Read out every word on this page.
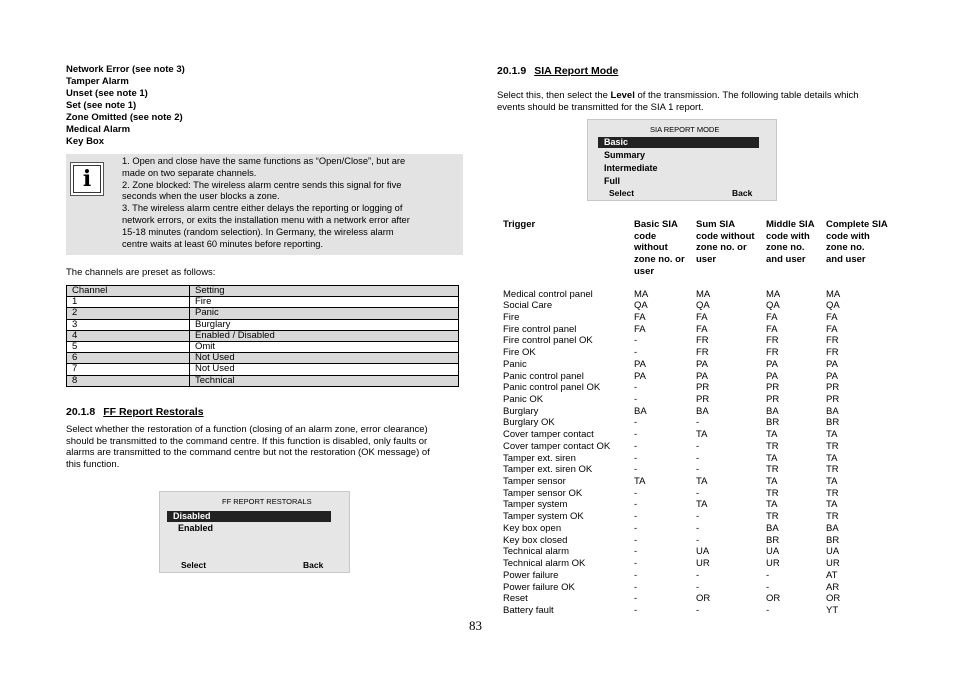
Network Error (see note 3)
Tamper Alarm
Unset (see note 1)
Set (see note 1)
Zone Omitted (see note 2)
Medical Alarm
Key Box
i
1. Open and close have the same functions as “Open/Close”, but are
made on two separate channels.
2. Zone blocked: The wireless alarm centre sends this signal for five
seconds when the user blocks a zone.
3. The wireless alarm centre either delays the reporting or logging of
network errors, or exits the installation menu with a network error after
15-18 minutes (random selection). In Germany, the wireless alarm
centre waits at least 60 minutes before reporting.
The channels are preset as follows:
Channel	Setting
1	Fire
2	Panic
3	Burglary
4	Enabled / Disabled
5	Omit
6	Not Used
7	Not Used
8	Technical
20.1.8 FF Report Restorals
Select whether the restoration of a function (closing of an alarm zone, error clearance)
should be transmitted to the command centre. If this function is disabled, only faults or
alarms are transmitted to the command centre but not the restoration (OK message) of
this function.
FF REPORT RESTORALS
Disabled
Enabled
Select	Back
20.1.9 SIA Report Mode
Select this, then select the Level of the transmission. The following table details which
events should be transmitted for the SIA 1 report.
SIA REPORT MODE
Basic
Summary
Intermediate
Full
Select	Back
Trigger	Basic SIA
code
without
zone no. or
user
Sum SIA
code without
zone no. or
user
Middle SIA
code with
zone no.
and user
Complete SIA
code with
zone no.
and user
Medical control panel	MA	MA	MA	MA
Social Care	QA	QA	QA	QA
Fire	FA	FA	FA	FA
Fire control panel	FA	FA	FA	FA
Fire control panel OK	-	FR	FR	FR
Fire OK	-	FR	FR	FR
Panic	PA	PA	PA	PA
Panic control panel	PA	PA	PA	PA
Panic control panel OK	-	PR	PR	PR
Panic OK	-	PR	PR	PR
Burglary	BA	BA	BA	BA
Burglary OK	-	-	BR	BR
Cover tamper contact	-	TA	TA	TA
Cover tamper contact OK	-	-	TR	TR
Tamper ext. siren	-	-	TA	TA
Tamper ext. siren OK	-	-	TR	TR
Tamper sensor	TA	TA	TA	TA
Tamper sensor OK	-	-	TR	TR
Tamper system	-	TA	TA	TA
Tamper system OK	-	-	TR	TR
Key box open	-	-	BA	BA
Key box closed	-	-	BR	BR
Technical alarm	-	UA	UA	UA
Technical alarm OK	-	UR	UR	UR
Power failure	-	-	-	AT
Power failure OK	-	-	-	AR
Reset	-	OR	OR	OR
Battery fault	-	-	-	YT
83
